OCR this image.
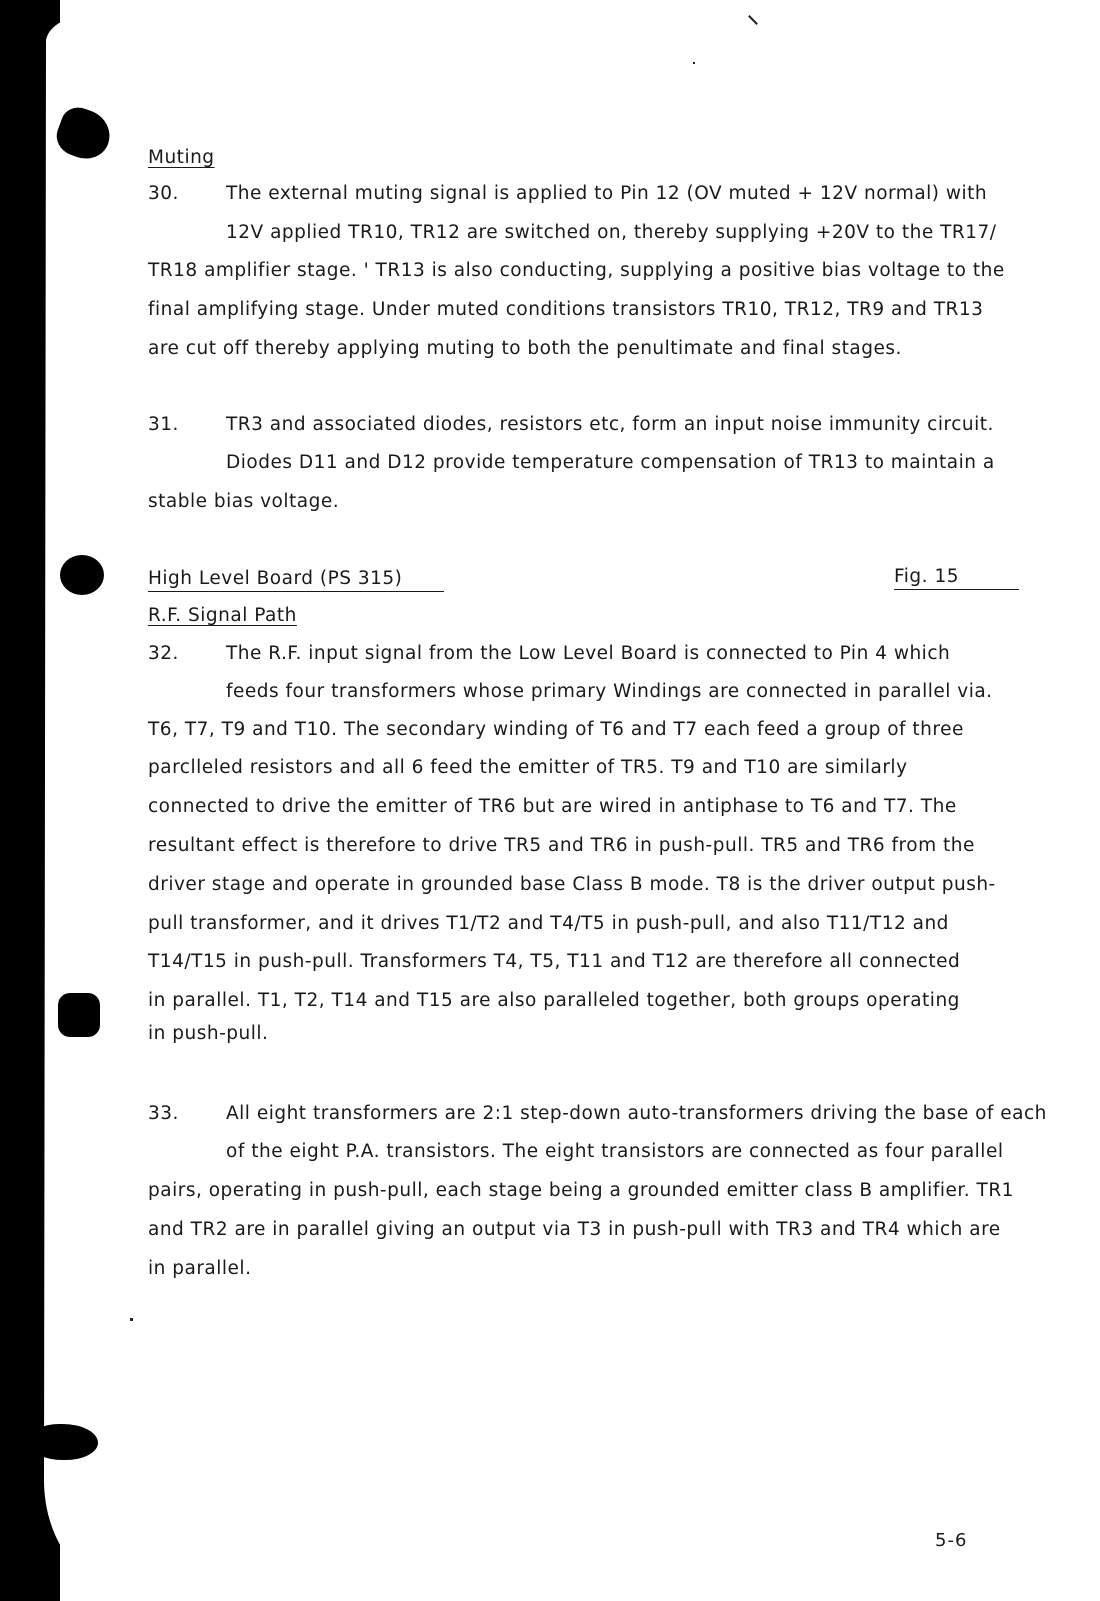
Muting
30.	The external muting signal is applied to Pin 12 (OV muted + 12V normal) with
12V applied TR10, TR12 are switched on, thereby supplying +20V to the TR17/
TR18 amplifier stage. ' TR13 is also conducting, supplying a positive bias voltage to the
final amplifying stage. Under muted conditions transistors TR10, TR12, TR9 and TR13
are cut off thereby applying muting to both the penultimate and final stages.
31.	TR3 and associated diodes, resistors etc, form an input noise immunity circuit.
Diodes D11 and D12 provide temperature compensation of TR13 to maintain a
stable bias voltage.
High Level Board (PS 315)	Fig. 15
R.F. Signal Path
32.	The R.F. input signal from the Low Level Board is connected to Pin 4 which
feeds four transformers whose primary Windings are connected in parallel via.
T6, T7, T9 and T10. The secondary winding of T6 and T7 each feed a group of three
parclleled resistors and all 6 feed the emitter of TR5. T9 and T10 are similarly
connected to drive the emitter of TR6 but are wired in antiphase to T6 and T7. The
resultant effect is therefore to drive TR5 and TR6 in push-pull. TR5 and TR6 from the
driver stage and operate in grounded base Class B mode. T8 is the driver output push-
pull transformer, and it drives T1/T2 and T4/T5 in push-pull, and also T11/T12 and
T14/T15 in push-pull. Transformers T4, T5, T11 and T12 are therefore all connected
in parallel. T1, T2, T14 and T15 are also paralleled together, both groups operating
in push-pull.
33.	All eight transformers are 2:1 step-down auto-transformers driving the base of each
of the eight P.A. transistors. The eight transistors are connected as four parallel
pairs, operating in push-pull, each stage being a grounded emitter class B amplifier. TR1
and TR2 are in parallel giving an output via T3 in push-pull with TR3 and TR4 which are
in parallel.
5-6
